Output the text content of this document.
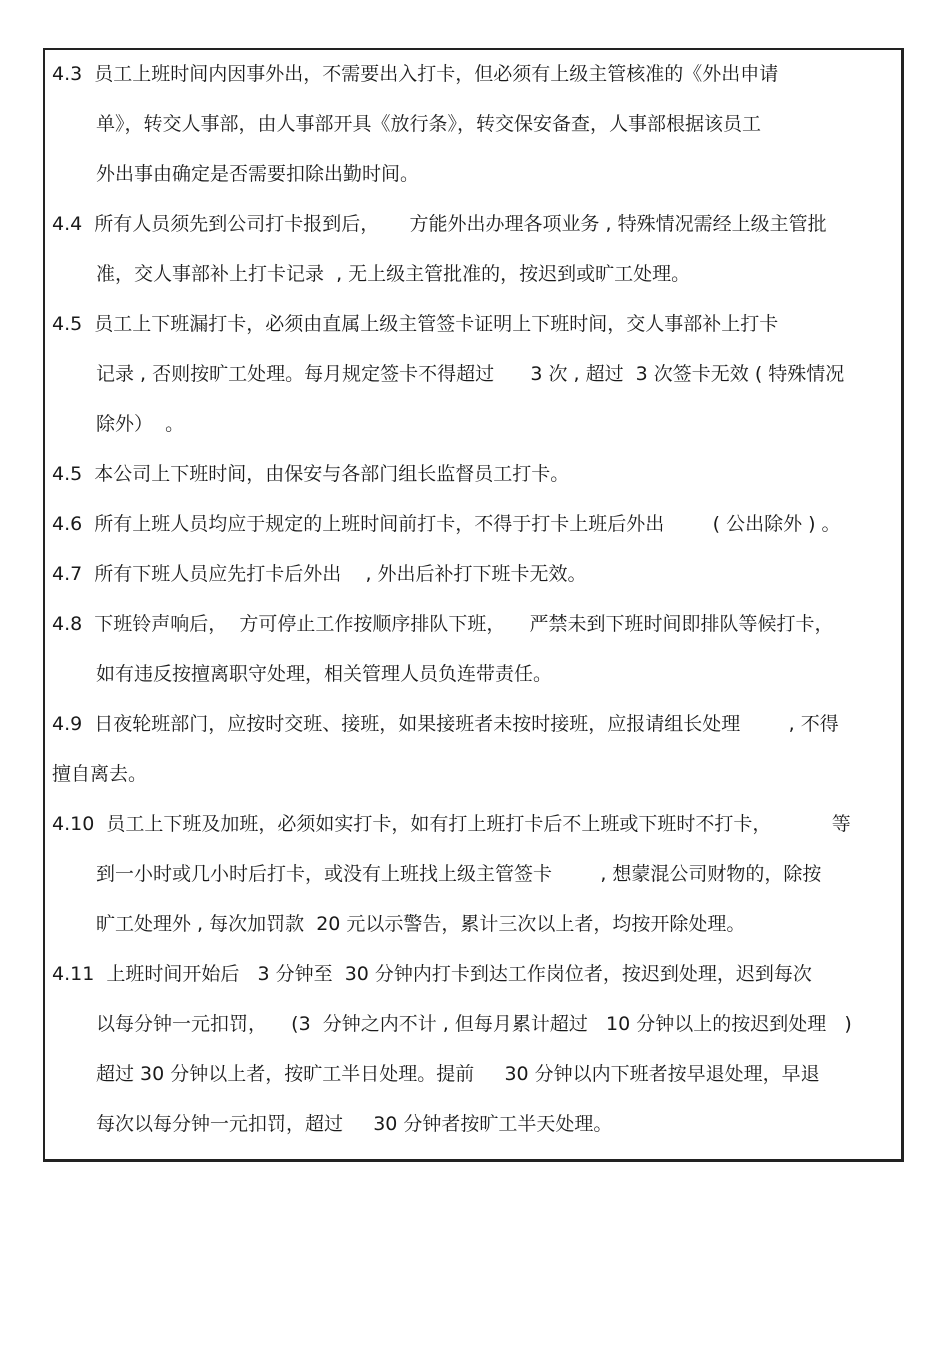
4.3  员工上班时间内因事外出，不需要出入打卡，但必须有上级主管核准的《外出申请
单》，转交人事部，由人事部开具《放行条》，转交保安备查，人事部根据该员工
外出事由确定是否需要扣除出勤时间。
4.4  所有人员须先到公司打卡报到后，     方能外出办理各项业务 , 特殊情况需经上级主管批
准，交人事部补上打卡记录  , 无上级主管批准的，按迟到或旷工处理。
4.5  员工上下班漏打卡，必须由直属上级主管签卡证明上下班时间，交人事部补上打卡
记录 , 否则按旷工处理。每月规定签卡不得超过      3 次 , 超过  3 次签卡无效 ( 特殊情况
除外）  。
4.5  本公司上下班时间，由保安与各部门组长监督员工打卡。
4.6  所有上班人员均应于规定的上班时间前打卡，不得于打卡上班后外出        ( 公出除外 ) 。
4.7  所有下班人员应先打卡后外出    , 外出后补打下班卡无效。
4.8  下班铃声响后，  方可停止工作按顺序排队下班，    严禁未到下班时间即排队等候打卡，
如有违反按擅离职守处理，相关管理人员负连带责任。
4.9  日夜轮班部门，应按时交班、接班，如果接班者未按时接班，应报请组长处理        , 不得
擅自离去。
4.10  员工上下班及加班，必须如实打卡，如有打上班打卡后不上班或下班时不打卡，          等
到一小时或几小时后打卡，或没有上班找上级主管签卡        , 想蒙混公司财物的，除按
旷工处理外 , 每次加罚款  20 元以示警告，累计三次以上者，均按开除处理。
4.11  上班时间开始后   3 分钟至  30 分钟内打卡到达工作岗位者，按迟到处理，迟到每次
以每分钟一元扣罚，    (3  分钟之内不计 , 但每月累计超过   10 分钟以上的按迟到处理   )
超过 30 分钟以上者，按旷工半日处理。提前     30 分钟以内下班者按早退处理，早退
每次以每分钟一元扣罚，超过     30 分钟者按旷工半天处理。
